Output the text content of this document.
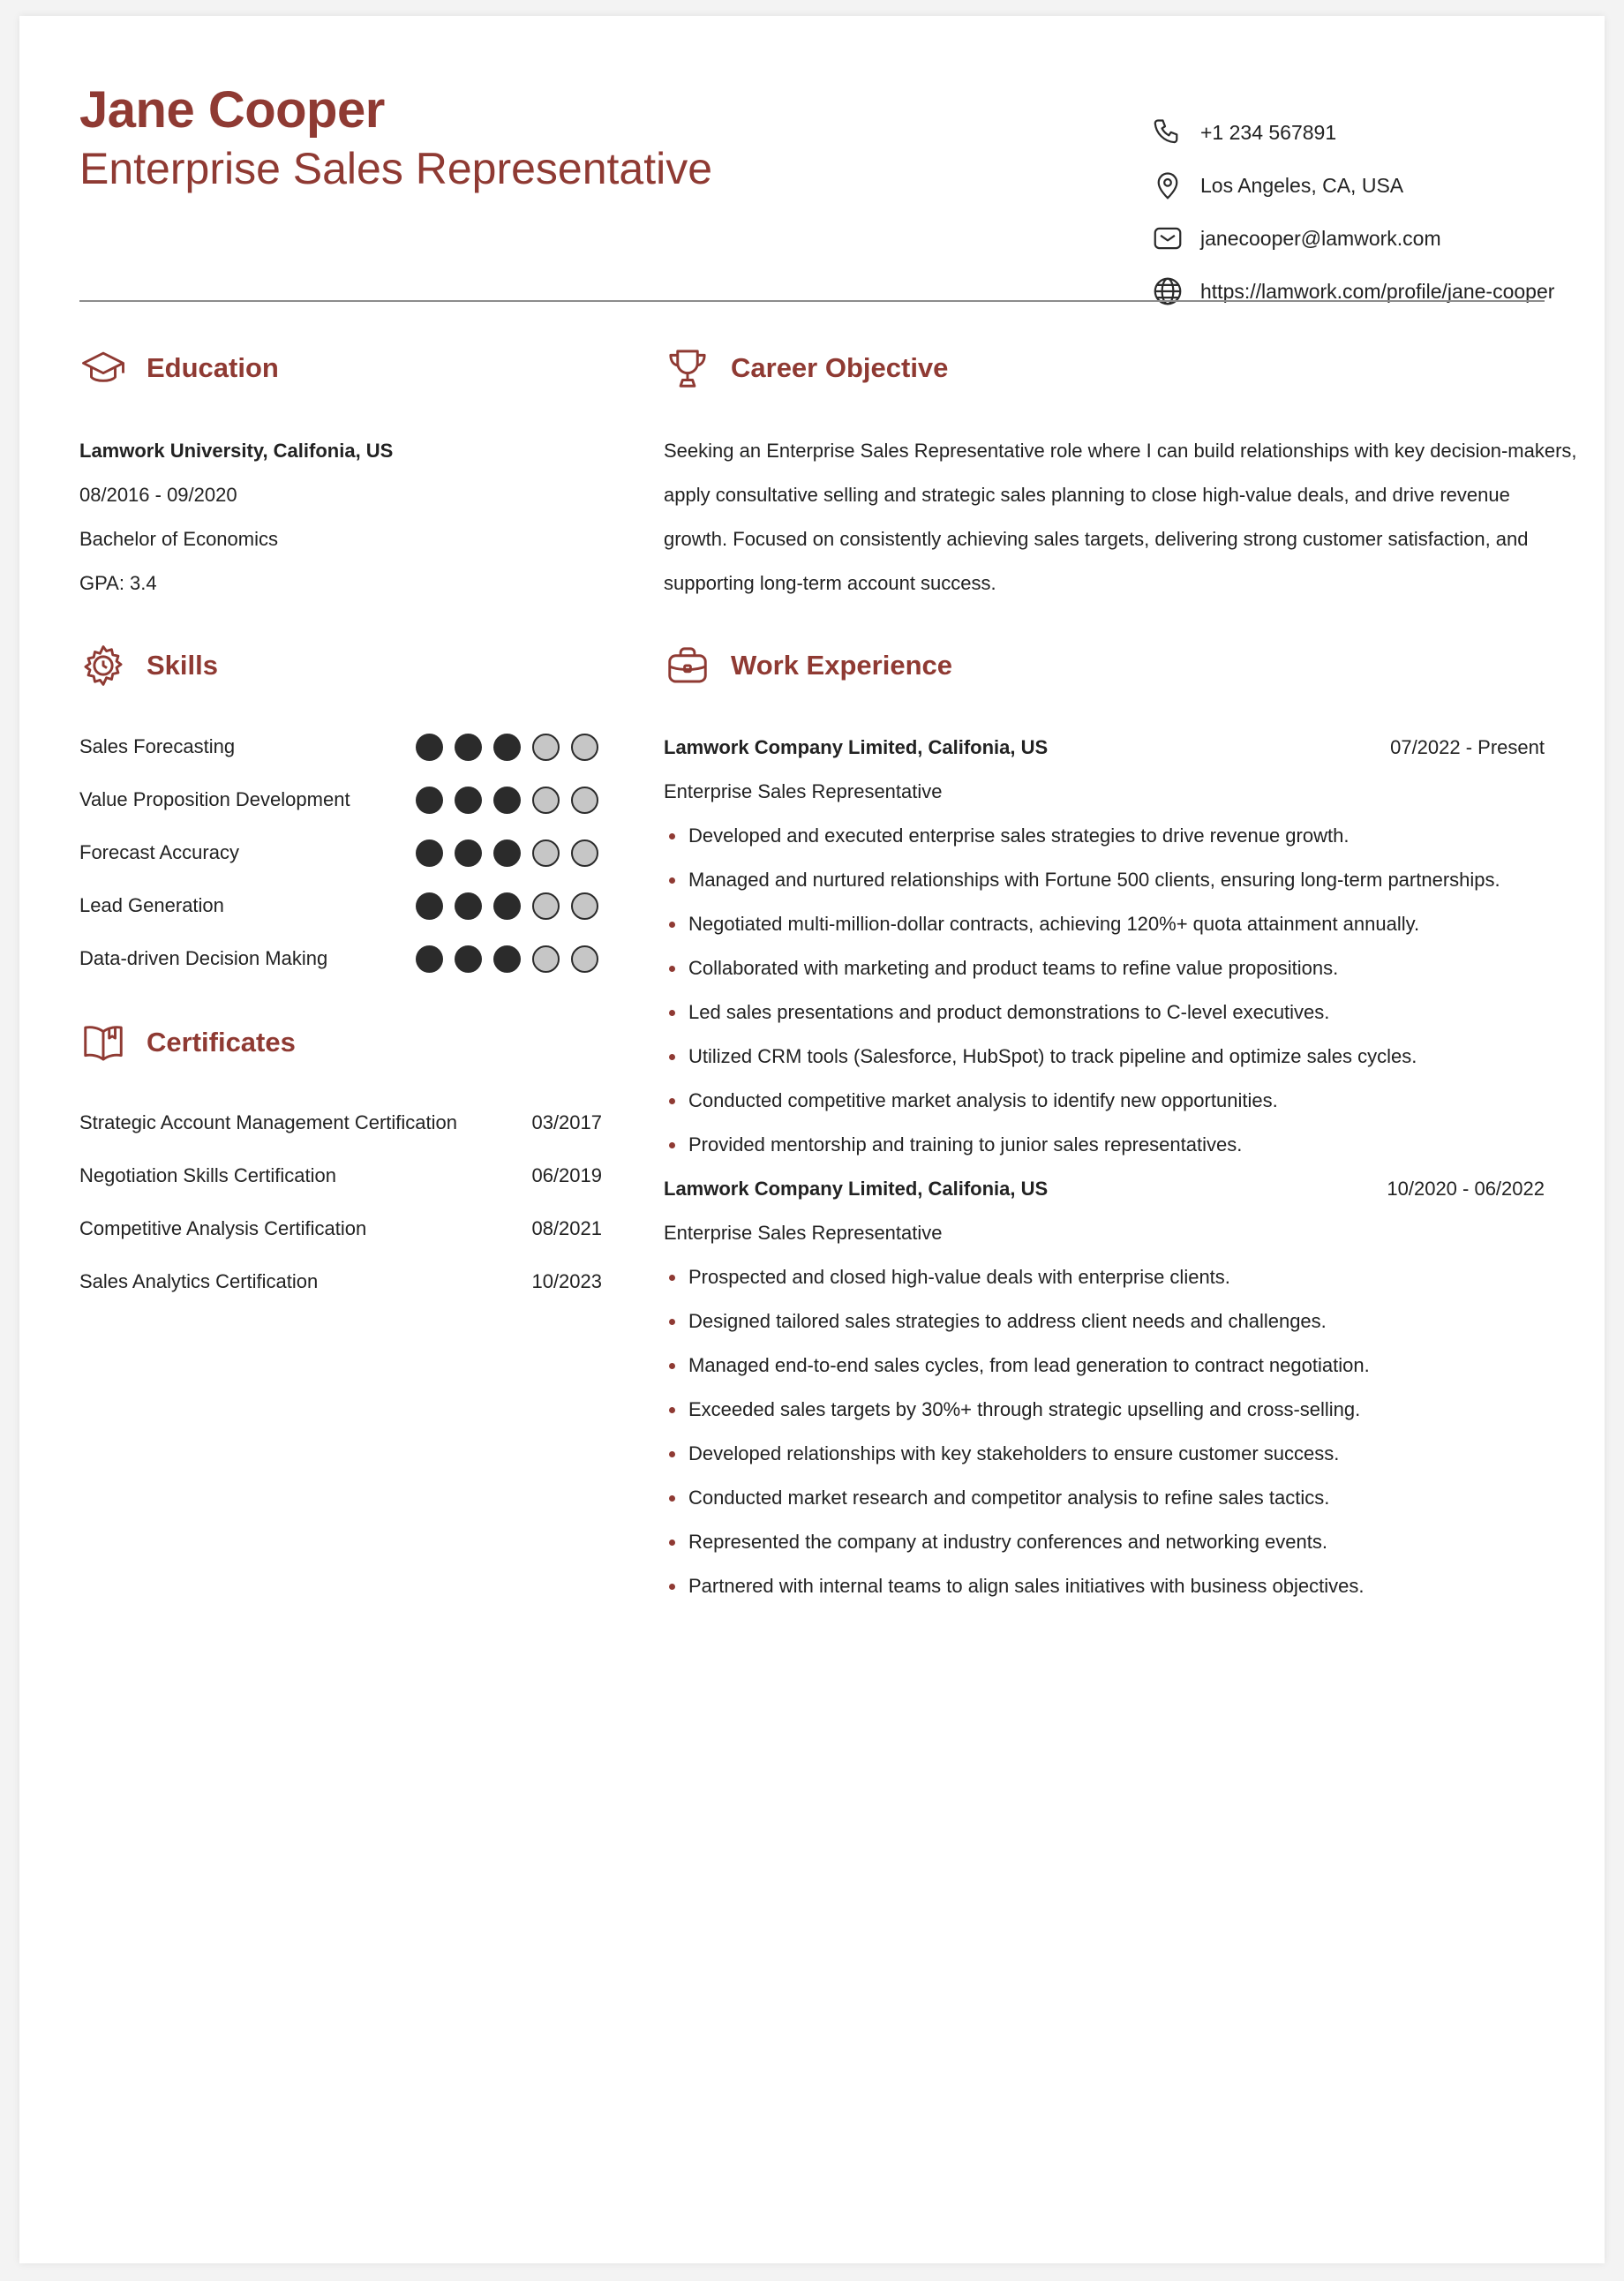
Jane Cooper
Enterprise Sales Representative
+1 234 567891
Los Angeles, CA, USA
janecooper@lamwork.com
https://lamwork.com/profile/jane-cooper
Education
Lamwork University, Califonia, US
08/2016 - 09/2020
Bachelor of Economics
GPA: 3.4
Skills
Sales Forecasting
Value Proposition Development
Forecast Accuracy
Lead Generation
Data-driven Decision Making
Certificates
Strategic Account Management Certification	03/2017
Negotiation Skills Certification	06/2019
Competitive Analysis Certification	08/2021
Sales Analytics Certification	10/2023
Career Objective
Seeking an Enterprise Sales Representative role where I can build relationships with key decision-makers,
apply consultative selling and strategic sales planning to close high-value deals, and drive revenue
growth. Focused on consistently achieving sales targets, delivering strong customer satisfaction, and
supporting long-term account success.
Work Experience
Lamwork Company Limited, Califonia, US	07/2022 - Present
Enterprise Sales Representative
Developed and executed enterprise sales strategies to drive revenue growth.
Managed and nurtured relationships with Fortune 500 clients, ensuring long-term partnerships.
Negotiated multi-million-dollar contracts, achieving 120%+ quota attainment annually.
Collaborated with marketing and product teams to refine value propositions.
Led sales presentations and product demonstrations to C-level executives.
Utilized CRM tools (Salesforce, HubSpot) to track pipeline and optimize sales cycles.
Conducted competitive market analysis to identify new opportunities.
Provided mentorship and training to junior sales representatives.
Lamwork Company Limited, Califonia, US	10/2020 - 06/2022
Enterprise Sales Representative
Prospected and closed high-value deals with enterprise clients.
Designed tailored sales strategies to address client needs and challenges.
Managed end-to-end sales cycles, from lead generation to contract negotiation.
Exceeded sales targets by 30%+ through strategic upselling and cross-selling.
Developed relationships with key stakeholders to ensure customer success.
Conducted market research and competitor analysis to refine sales tactics.
Represented the company at industry conferences and networking events.
Partnered with internal teams to align sales initiatives with business objectives.
